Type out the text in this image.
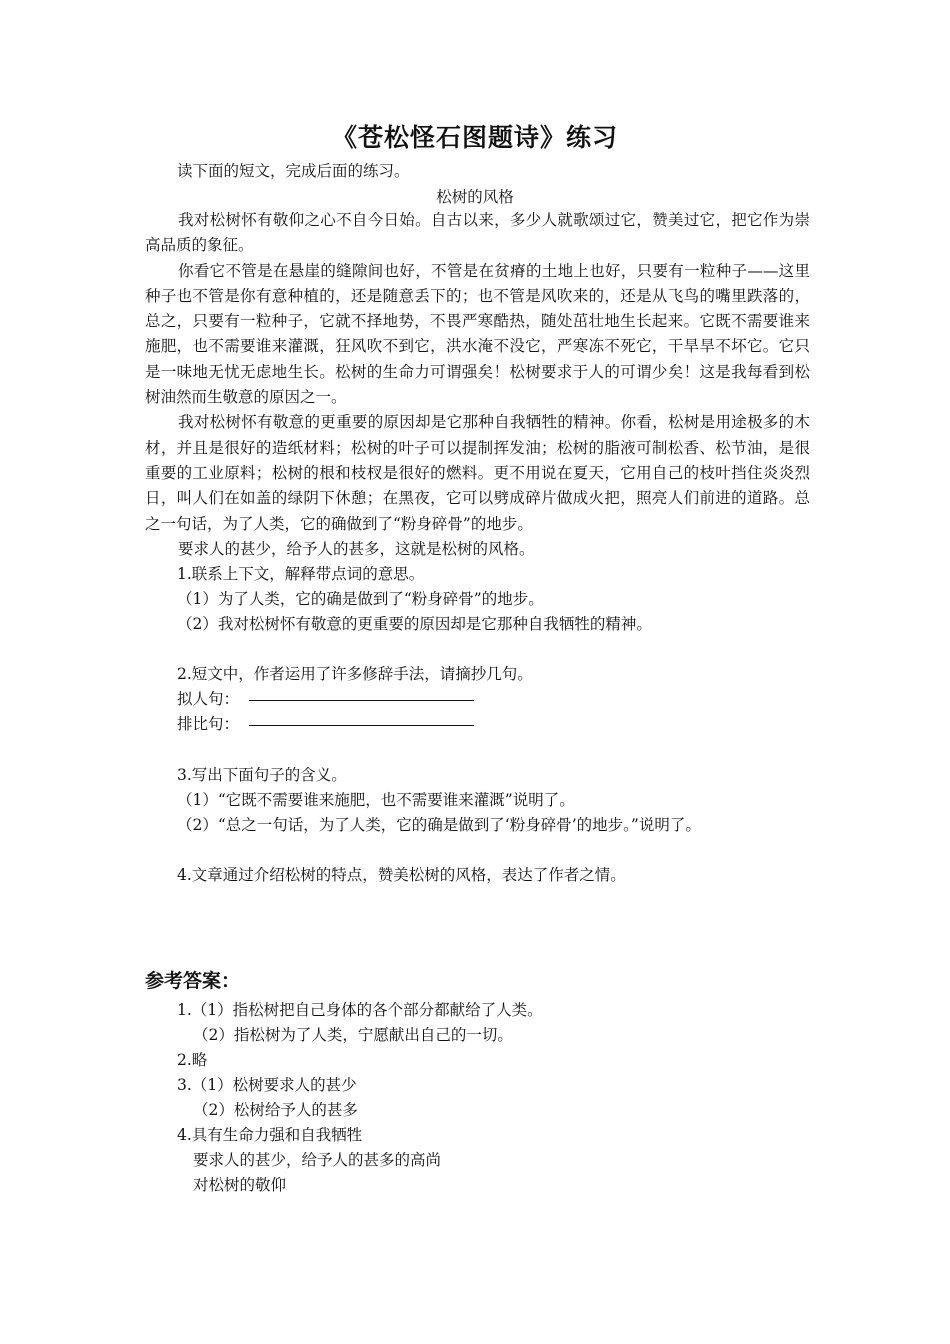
《苍松怪石图题诗》练习
读下面的短文，完成后面的练习。
松树的风格

我对松树怀有敬仰之心不自今日始。自古以来，多少人就歌颂过它，赞美过它，把它作为崇高品质的象征。

你看它不管是在悬崖的缝隙间也好，不管是在贫瘠的土地上也好，只要有一粒种子——这里种子也不管是你有意种植的，还是随意丢下的；也不管是风吹来的，还是从飞鸟的嘴里跌落的，总之，只要有一粒种子，它就不择地势，不畏严寒酷热，随处茁壮地生长起来。它既不需要谁来施肥，也不需要谁来灌溉，狂风吹不到它，洪水淹不没它，严寒冻不死它，干旱旱不坏它。它只是一味地无忧无虑地生长。松树的生命力可谓强矣！松树要求于人的可谓少矣！这是我每看到松树油然而生敬意的原因之一。

我对松树怀有敬意的更重要的原因却是它那种自我牺牲的精神。你看，松树是用途极多的木材，并且是很好的造纸材料；松树的叶子可以提制挥发油；松树的脂液可制松香、松节油，是很重要的工业原料；松树的根和枝杈是很好的燃料。更不用说在夏天，它用自己的枝叶挡住炎炎烈日，叫人们在如盖的绿阴下休憩；在黑夜，它可以劈成碎片做成火把，照亮人们前进的道路。总之一句话，为了人类，它的确做到了“粉身碎骨”的地步。

要求人的甚少，给予人的甚多，这就是松树的风格。

1.联系上下文，解释带点词的意思。
（1）为了人类，它的确是做到了“粉身碎骨”的地步。
（2）我对松树怀有敬意的更重要的原因却是它那种自我牺牲的精神。
2.短文中，作者运用了许多修辞手法，请摘抄几句。
拟人句：
排比句：
3.写出下面句子的含义。
（1）“它既不需要谁来施肥，也不需要谁来灌溉”说明了。
（2）“总之一句话，为了人类，它的确是做到了‘粉身碎骨’的地步。”说明了。
4.文章通过介绍松树的特点，赞美松树的风格，表达了作者之情。
参考答案：
1.（1）指松树把自己身体的各个部分都献给了人类。
（2）指松树为了人类，宁愿献出自己的一切。
2.略
3.（1）松树要求人的甚少
（2）松树给予人的甚多
4.具有生命力强和自我牺牲
要求人的甚少，给予人的甚多的高尚
对松树的敬仰
